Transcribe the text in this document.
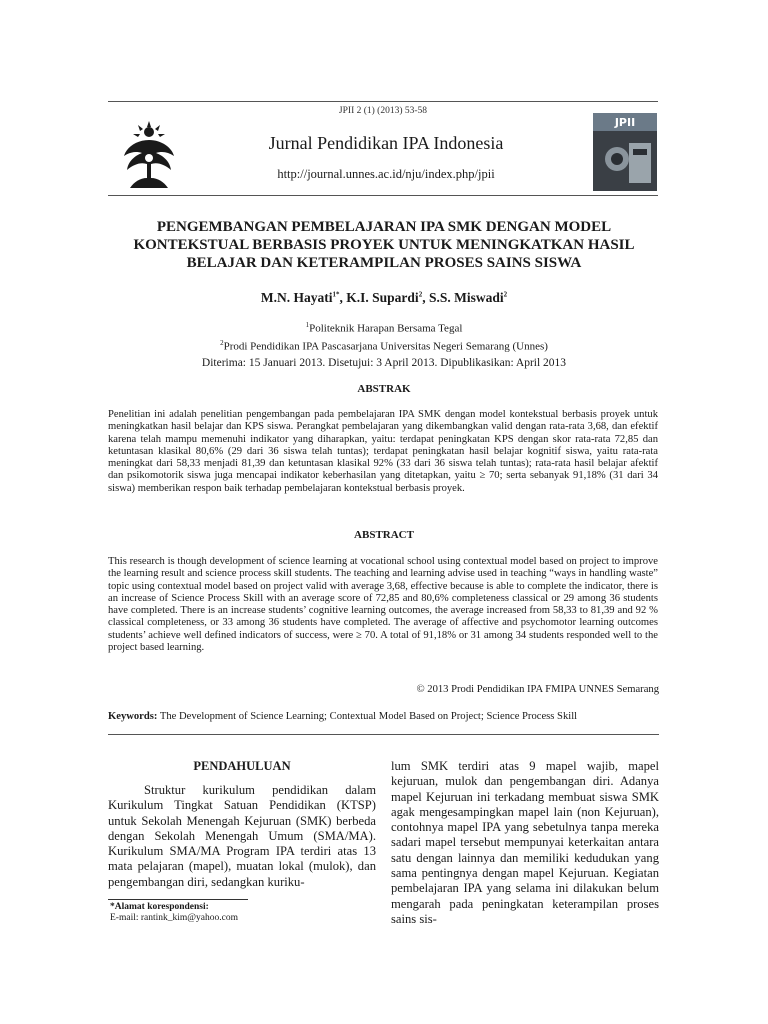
JPII 2 (1) (2013) 53-58
Jurnal Pendidikan IPA Indonesia
http://journal.unnes.ac.id/nju/index.php/jpii
JPII
PENGEMBANGAN PEMBELAJARAN IPA SMK DENGAN MODEL KONTEKSTUAL BERBASIS PROYEK UNTUK MENINGKATKAN HASIL BELAJAR DAN KETERAMPILAN PROSES SAINS SISWA
M.N. Hayati$^{1*}$, K.I. Supardi$^2$, S.S. Miswadi$^2$
$^1$Politeknik Harapan Bersama Tegal
$^2$Prodi Pendidikan IPA Pascasarjana Universitas Negeri Semarang (Unnes)
Diterima: 15 Januari 2013. Disetujui: 3 April 2013. Dipublikasikan: April 2013
ABSTRAK
Penelitian ini adalah penelitian pengembangan pada pembelajaran IPA SMK dengan model kontekstual berbasis proyek untuk meningkatkan hasil belajar dan KPS siswa. Perangkat pembelajaran yang dikembangkan valid dengan rata-rata 3,68, dan efektif karena telah mampu memenuhi indikator yang diharapkan, yaitu: terdapat peningkatan KPS dengan skor rata-rata 72,85 dan ketuntasan klasikal 80,6% (29 dari 36 siswa telah tuntas); terdapat peningkatan hasil belajar kognitif siswa, yaitu rata-rata meningkat dari 58,33 menjadi 81,39 dan ketuntasan klasikal 92% (33 dari 36 siswa telah tuntas); rata-rata hasil belajar afektif dan psikomotorik siswa juga mencapai indikator keberhasilan yang ditetapkan, yaitu ≥ 70; serta sebanyak 91,18% (31 dari 34 siswa) memberikan respon baik terhadap pembelajaran kontekstual berbasis proyek.
ABSTRACT
This research is though development of science learning at vocational school using contextual model based on project to improve the learning result and science process skill students. The teaching and learning advise used in teaching “ways in handling waste” topic using contextual model based on project valid with average 3,68, effective because is able to complete the indicator, there is an increase of Science Process Skill with an average score of 72,85 and 80,6% completeness classical or 29 among 36 students have completed. There is an increase students’ cognitive learning outcomes, the average increased from 58,33 to 81,39 and 92 % classical completeness, or 33 among 36 students have completed. The average of affective and psychomotor learning outcomes students’ achieve well defined indicators of success, were ≥ 70. A total of 91,18% or 31 among 34 students responded well to the project based learning.
© 2013 Prodi Pendidikan IPA FMIPA UNNES Semarang
Keywords: The Development of Science Learning; Contextual Model Based on Project; Science Process Skill
PENDAHULUAN

Struktur kurikulum pendidikan dalam Kurikulum Tingkat Satuan Pendidikan (KTSP) untuk Sekolah Menengah Kejuruan (SMK) berbeda dengan Sekolah Menengah Umum (SMA/MA). Kurikulum SMA/MA Program IPA terdiri atas 13 mata pelajaran (mapel), muatan lokal (mulok), dan pengembangan diri, sedangkan kuriku-

lum SMK terdiri atas 9 mapel wajib, mapel kejuruan, mulok dan pengembangan diri. Adanya mapel Kejuruan ini terkadang membuat siswa SMK agak mengesampingkan mapel lain (non Kejuruan), contohnya mapel IPA yang sebetulnya tanpa mereka sadari mapel tersebut mempunyai keterkaitan antara satu dengan lainnya dan memiliki kedudukan yang sama pentingnya dengan mapel Kejuruan. Kegiatan pembelajaran IPA yang selama ini dilakukan belum mengarah pada peningkatan keterampilan proses sains sis-

*Alamat korespondensi:
E-mail: rantink_kim@yahoo.com
